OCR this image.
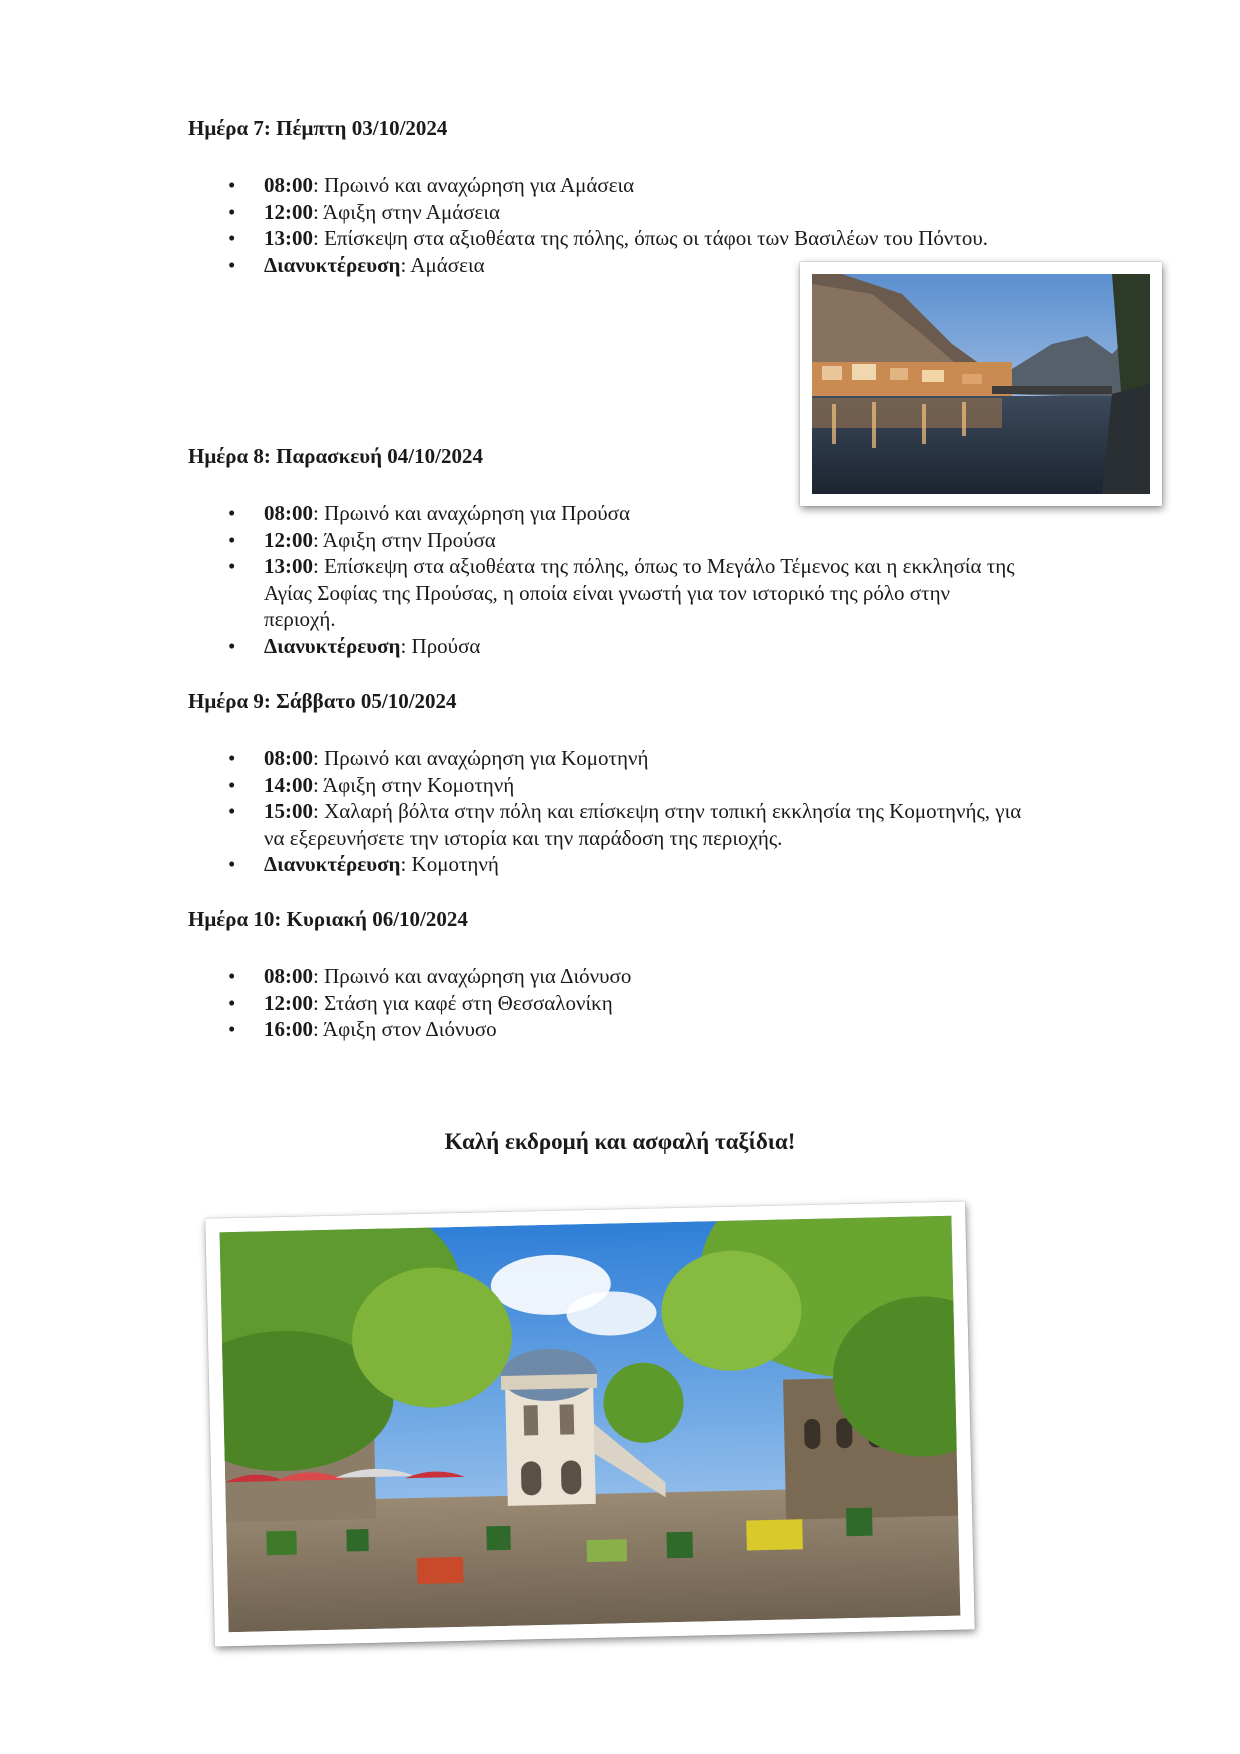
Ημέρα 7: Πέμπτη 03/10/2024
• 08:00: Πρωινό και αναχώρηση για Αμάσεια
• 12:00: Άφιξη στην Αμάσεια
• 13:00: Επίσκεψη στα αξιοθέατα της πόλης, όπως οι τάφοι των Βασιλέων του Πόντου.
• Διανυκτέρευση: Αμάσεια
Ημέρα 8: Παρασκευή 04/10/2024
• 08:00: Πρωινό και αναχώρηση για Προύσα
• 12:00: Άφιξη στην Προύσα
• 13:00: Επίσκεψη στα αξιοθέατα της πόλης, όπως το Μεγάλο Τέμενος και η εκκλησία της Αγίας Σοφίας της Προύσας, η οποία είναι γνωστή για τον ιστορικό της ρόλο στην περιοχή.
• Διανυκτέρευση: Προύσα
Ημέρα 9: Σάββατο 05/10/2024
• 08:00: Πρωινό και αναχώρηση για Κομοτηνή
• 14:00: Άφιξη στην Κομοτηνή
• 15:00: Χαλαρή βόλτα στην πόλη και επίσκεψη στην τοπική εκκλησία της Κομοτηνής, για να εξερευνήσετε την ιστορία και την παράδοση της περιοχής.
• Διανυκτέρευση: Κομοτηνή
Ημέρα 10: Κυριακή 06/10/2024
• 08:00: Πρωινό και αναχώρηση για Διόνυσο
• 12:00: Στάση για καφέ στη Θεσσαλονίκη
• 16:00: Άφιξη στον Διόνυσο

Καλή εκδρομή και ασφαλή ταξίδια!
